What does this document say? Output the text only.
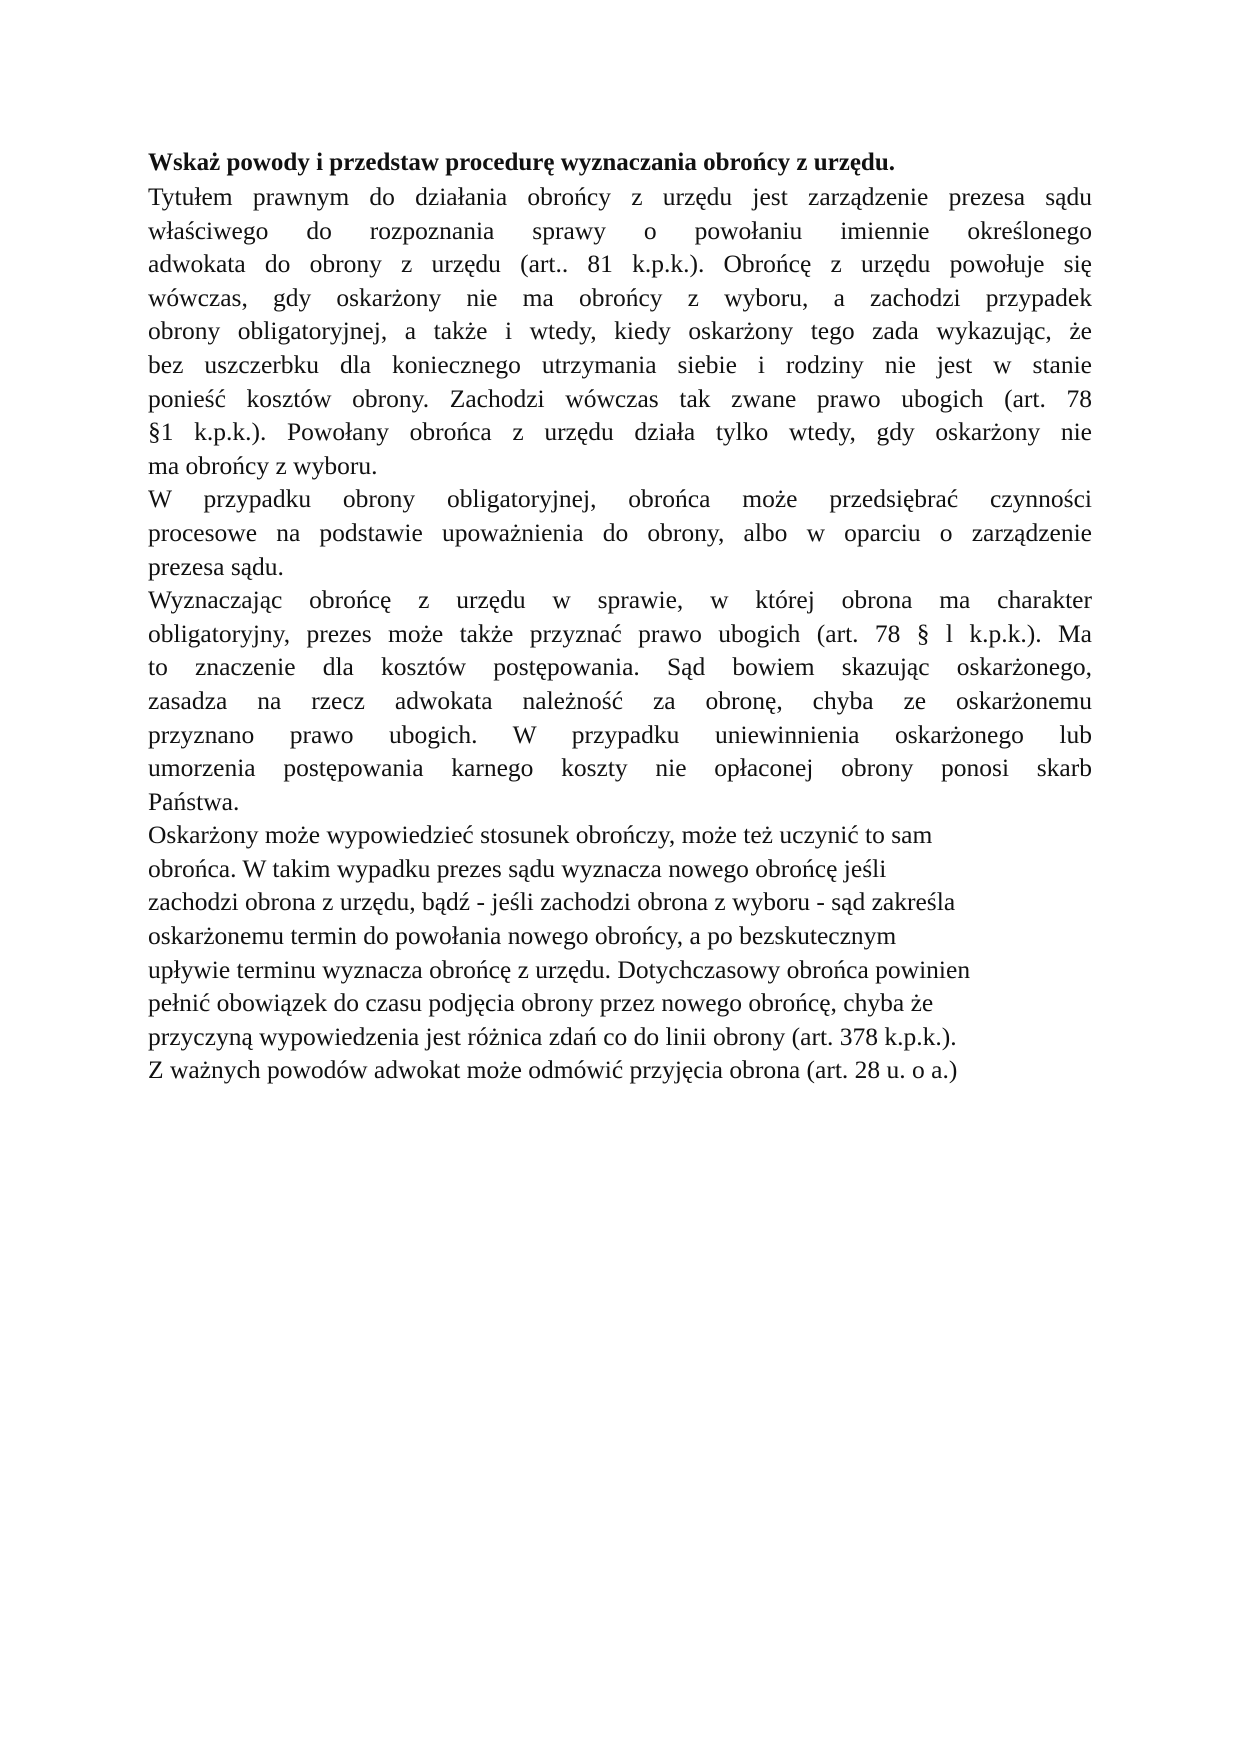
Wskaż powody i przedstaw procedurę wyznaczania obrońcy z urzędu.
Tytułem prawnym do działania obrońcy z urzędu jest zarządzenie prezesa sądu
właściwego do rozpoznania sprawy o powołaniu imiennie określonego
adwokata do obrony z urzędu (art.. 81 k.p.k.). Obrońcę z urzędu powołuje się
wówczas, gdy oskarżony nie ma obrońcy z wyboru, a zachodzi przypadek
obrony obligatoryjnej, a także i wtedy, kiedy oskarżony tego zada wykazując, że
bez uszczerbku dla koniecznego utrzymania siebie i rodziny nie jest w stanie
ponieść kosztów obrony. Zachodzi wówczas tak zwane prawo ubogich (art. 78
§1 k.p.k.). Powołany obrońca z urzędu działa tylko wtedy, gdy oskarżony nie
ma obrońcy z wyboru.
W przypadku obrony obligatoryjnej, obrońca może przedsiębrać czynności
procesowe na podstawie upoważnienia do obrony, albo w oparciu o zarządzenie
prezesa sądu.
Wyznaczając obrońcę z urzędu w sprawie, w której obrona ma charakter
obligatoryjny, prezes może także przyznać prawo ubogich (art. 78 § l k.p.k.). Ma
to znaczenie dla kosztów postępowania. Sąd bowiem skazując oskarżonego,
zasadza na rzecz adwokata należność za obronę, chyba ze oskarżonemu
przyznano prawo ubogich. W przypadku uniewinnienia oskarżonego lub
umorzenia postępowania karnego koszty nie opłaconej obrony ponosi skarb
Państwa.
Oskarżony może wypowiedzieć stosunek obrończy, może też uczynić to sam
obrońca. W takim wypadku prezes sądu wyznacza nowego obrońcę jeśli
zachodzi obrona z urzędu, bądź - jeśli zachodzi obrona z wyboru - sąd zakreśla
oskarżonemu termin do powołania nowego obrońcy, a po bezskutecznym
upływie terminu wyznacza obrońcę z urzędu. Dotychczasowy obrońca powinien
pełnić obowiązek do czasu podjęcia obrony przez nowego obrońcę, chyba że
przyczyną wypowiedzenia jest różnica zdań co do linii obrony (art. 378 k.p.k.).
Z ważnych powodów adwokat może odmówić przyjęcia obrona (art. 28 u. o a.)
